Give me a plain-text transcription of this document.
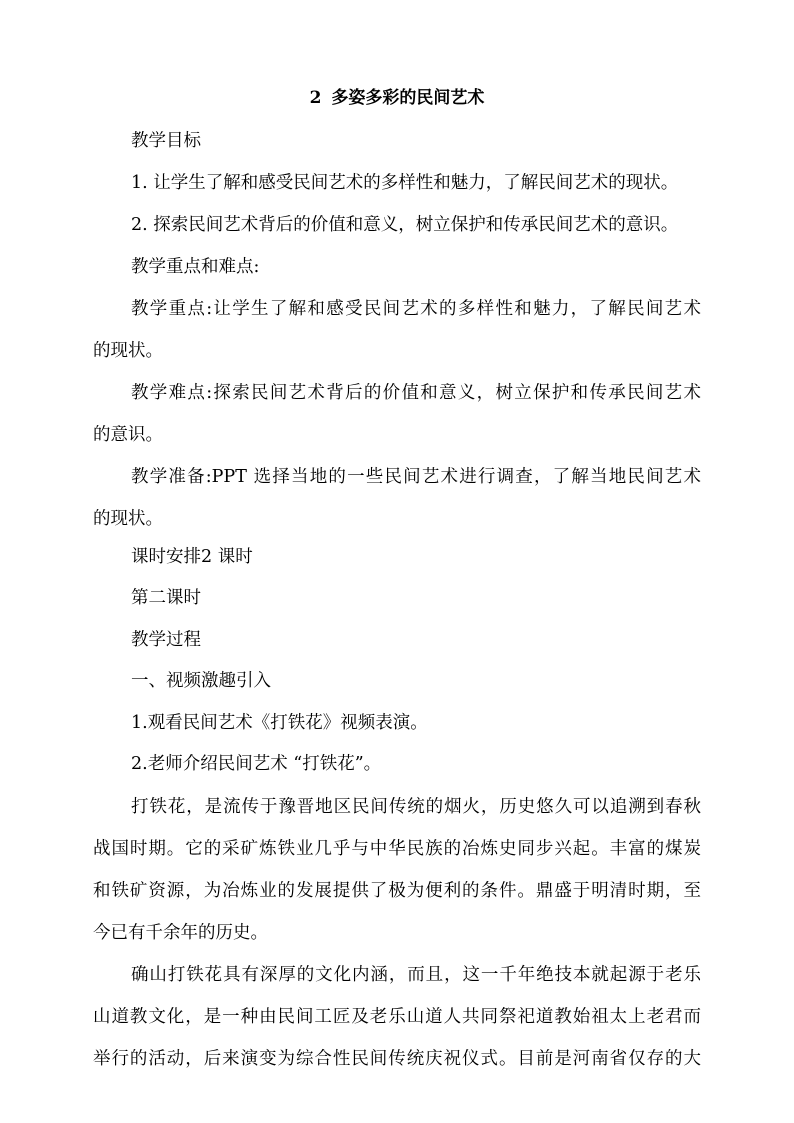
2 多姿多彩的民间艺术
教学目标
1. 让学生了解和感受民间艺术的多样性和魅力，了解民间艺术的现状。
2. 探索民间艺术背后的价值和意义，树立保护和传承民间艺术的意识。
教学重点和难点:
教学重点:让学生了解和感受民间艺术的多样性和魅力，了解民间艺术
的现状。
教学难点:探索民间艺术背后的价值和意义，树立保护和传承民间艺术
的意识。
教学准备:PPT 选择当地的一些民间艺术进行调查，了解当地民间艺术
的现状。
课时安排2 课时
第二课时
教学过程
一、视频激趣引入
1.观看民间艺术《打铁花》视频表演。
2.老师介绍民间艺术 “打铁花”。
打铁花，是流传于豫晋地区民间传统的烟火，历史悠久可以追溯到春秋
战国时期。它的采矿炼铁业几乎与中华民族的冶炼史同步兴起。丰富的煤炭
和铁矿资源，为冶炼业的发展提供了极为便利的条件。鼎盛于明清时期，至
今已有千余年的历史。
确山打铁花具有深厚的文化内涵，而且，这一千年绝技本就起源于老乐
山道教文化，是一种由民间工匠及老乐山道人共同祭祀道教始祖太上老君而
举行的活动，后来演变为综合性民间传统庆祝仪式。目前是河南省仅存的大
